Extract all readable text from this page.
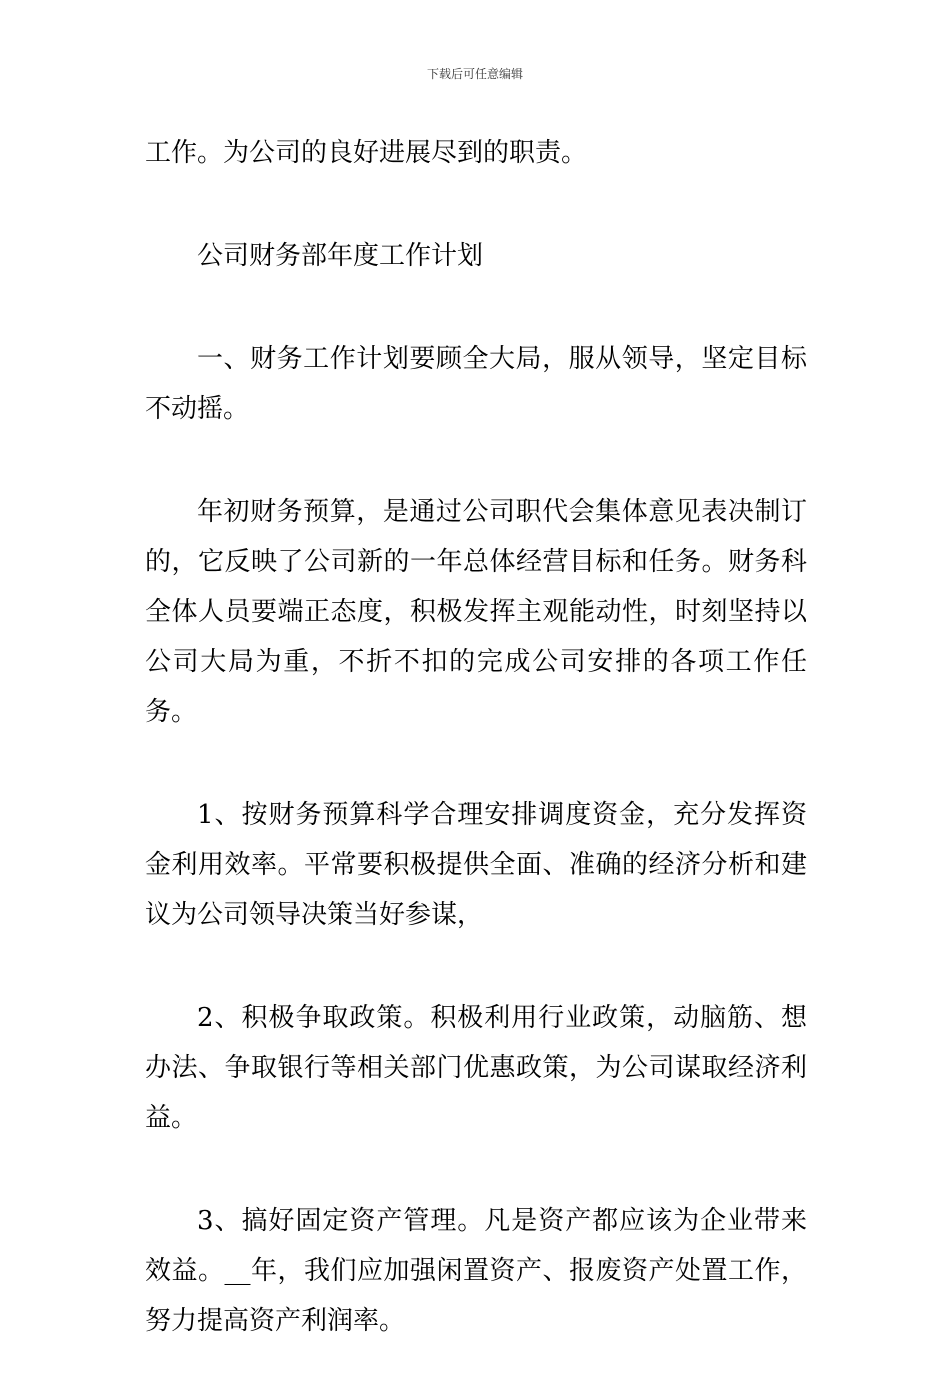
下载后可任意编辑

工作。为公司的良好进展尽到的职责。

公司财务部年度工作计划

一、财务工作计划要顾全大局，服从领导，坚定目标不动摇。

年初财务预算，是通过公司职代会集体意见表决制订的，它反映了公司新的一年总体经营目标和任务。财务科全体人员要端正态度，积极发挥主观能动性，时刻坚持以公司大局为重，不折不扣的完成公司安排的各项工作任务。

1、按财务预算科学合理安排调度资金，充分发挥资金利用效率。平常要积极提供全面、准确的经济分析和建议为公司领导决策当好参谋，

2、积极争取政策。积极利用行业政策，动脑筋、想办法、争取银行等相关部门优惠政策，为公司谋取经济利益。

3、搞好固定资产管理。凡是资产都应该为企业带来效益。__年，我们应加强闲置资产、报废资产处置工作，努力提高资产利润率。
